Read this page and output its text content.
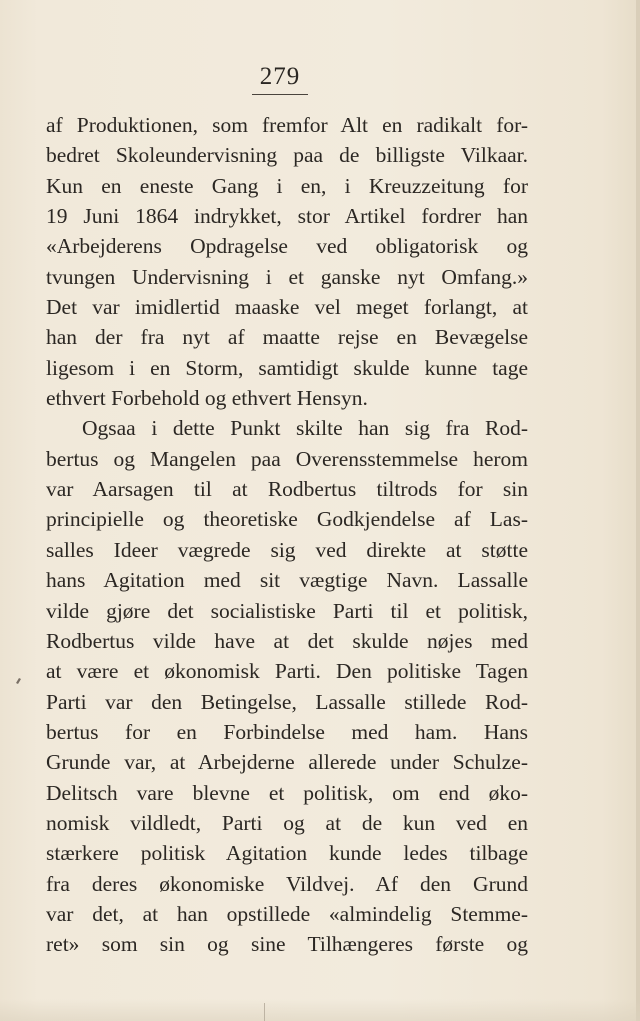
279
af Produktionen, som fremfor Alt en radikalt for-
bedret Skoleundervisning paa de billigste Vilkaar.
Kun en eneste Gang i en, i Kreuzzeitung for
19 Juni 1864 indrykket, stor Artikel fordrer han
«Arbejderens Opdragelse ved obligatorisk og
tvungen Undervisning i et ganske nyt Omfang.»
Det var imidlertid maaske vel meget forlangt, at
han der fra nyt af maatte rejse en Bevægelse
ligesom i en Storm, samtidigt skulde kunne tage
ethvert Forbehold og ethvert Hensyn.
Ogsaa i dette Punkt skilte han sig fra Rod-
bertus og Mangelen paa Overensstemmelse herom
var Aarsagen til at Rodbertus tiltrods for sin
principielle og theoretiske Godkjendelse af Las-
salles Ideer vægrede sig ved direkte at støtte
hans Agitation med sit vægtige Navn. Lassalle
vilde gjøre det socialistiske Parti til et politisk,
Rodbertus vilde have at det skulde nøjes med
at være et økonomisk Parti. Den politiske Tagen
Parti var den Betingelse, Lassalle stillede Rod-
bertus for en Forbindelse med ham. Hans
Grunde var, at Arbejderne allerede under Schulze-
Delitsch vare blevne et politisk, om end øko-
nomisk vildledt, Parti og at de kun ved en
stærkere politisk Agitation kunde ledes tilbage
fra deres økonomiske Vildvej. Af den Grund
var det, at han opstillede «almindelig Stemme-
ret» som sin og sine Tilhængeres første og
